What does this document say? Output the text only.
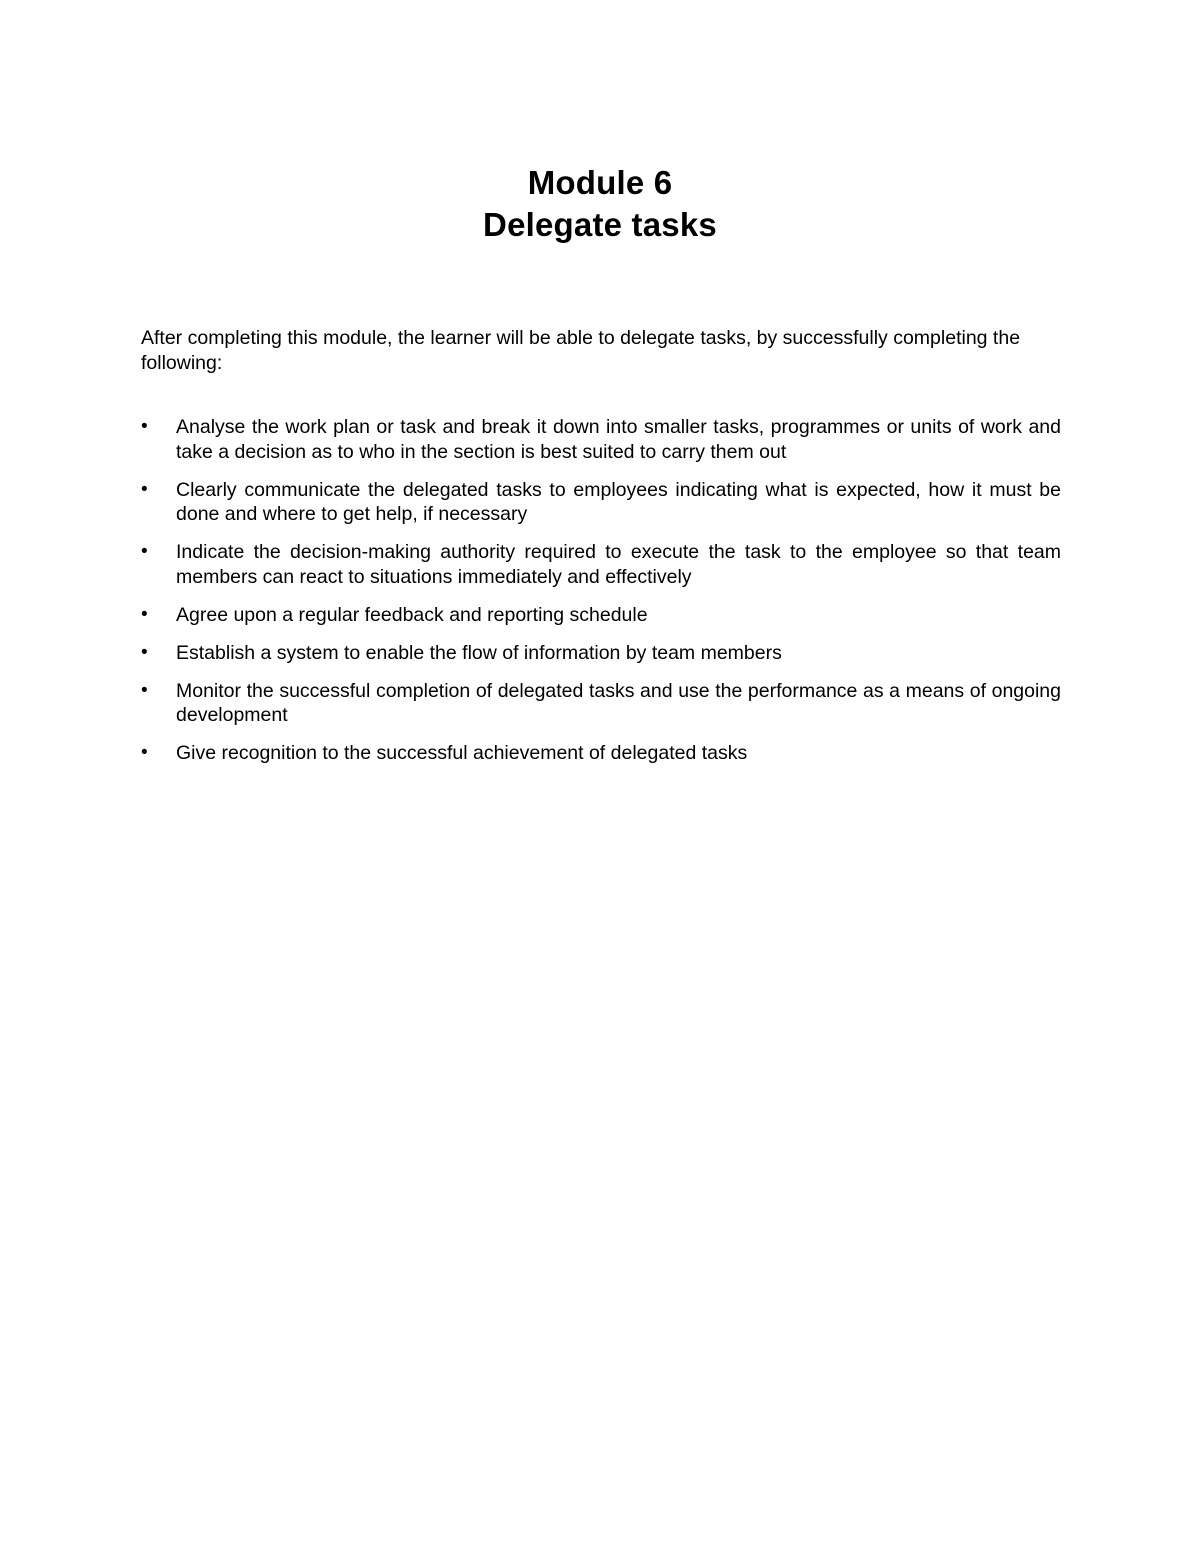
Module 6
Delegate tasks

After completing this module, the learner will be able to delegate tasks, by successfully completing the following:

•	Analyse the work plan or task and break it down into smaller tasks, programmes or units of work and take a decision as to who in the section is best suited to carry them out
•	Clearly communicate the delegated tasks to employees indicating what is expected, how it must be done and where to get help, if necessary
•	Indicate the decision-making authority required to execute the task to the employee so that team members can react to situations immediately and effectively
•	Agree upon a regular feedback and reporting schedule
•	Establish a system to enable the flow of information by team members
•	Monitor the successful completion of delegated tasks and use the performance as a means of ongoing development
•	Give recognition to the successful achievement of delegated tasks
